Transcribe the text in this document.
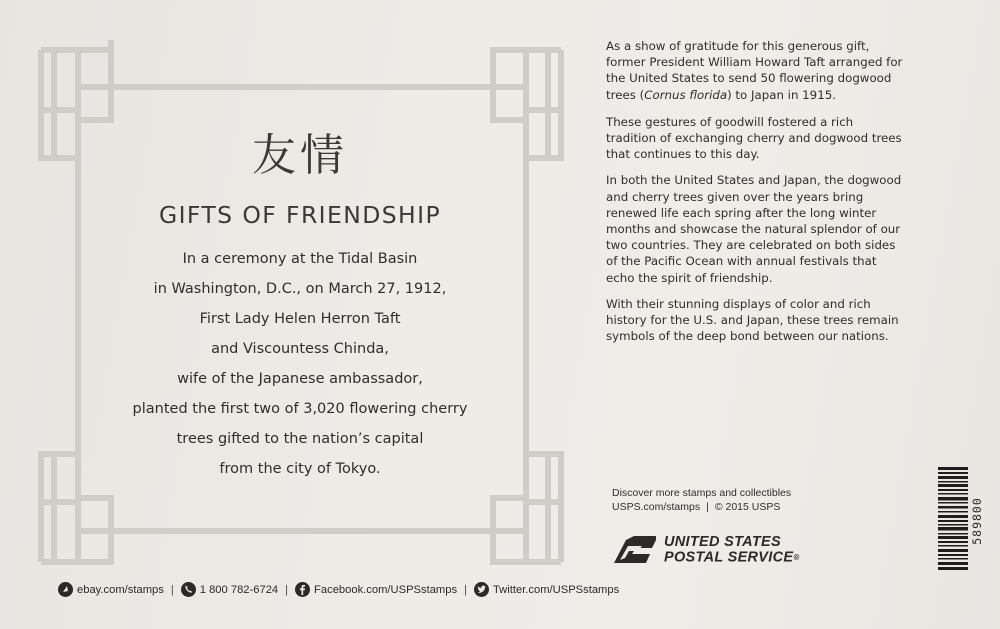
友情
GIFTS OF FRIENDSHIP
In a ceremony at the Tidal Basin
in Washington, D.C., on March 27, 1912,
First Lady Helen Herron Taft
and Viscountess Chinda,
wife of the Japanese ambassador,
planted the first two of 3,020 flowering cherry
trees gifted to the nation’s capital
from the city of Tokyo.

As a show of gratitude for this generous gift, former President William Howard Taft arranged for the United States to send 50 flowering dogwood trees (Cornus florida) to Japan in 1915.

These gestures of goodwill fostered a rich tradition of exchanging cherry and dogwood trees that continues to this day.

In both the United States and Japan, the dogwood and cherry trees given over the years bring renewed life each spring after the long winter months and showcase the natural splendor of our two countries. They are celebrated on both sides of the Pacific Ocean with annual festivals that echo the spirit of friendship.

With their stunning displays of color and rich history for the U.S. and Japan, these trees remain symbols of the deep bond between our nations.

Discover more stamps and collectibles
USPS.com/stamps | © 2015 USPS
UNITED STATES
POSTAL SERVICE®
589800
ebay.com/stamps |	1 800 782-6724 |	Facebook.com/USPSstamps |	Twitter.com/USPSstamps
